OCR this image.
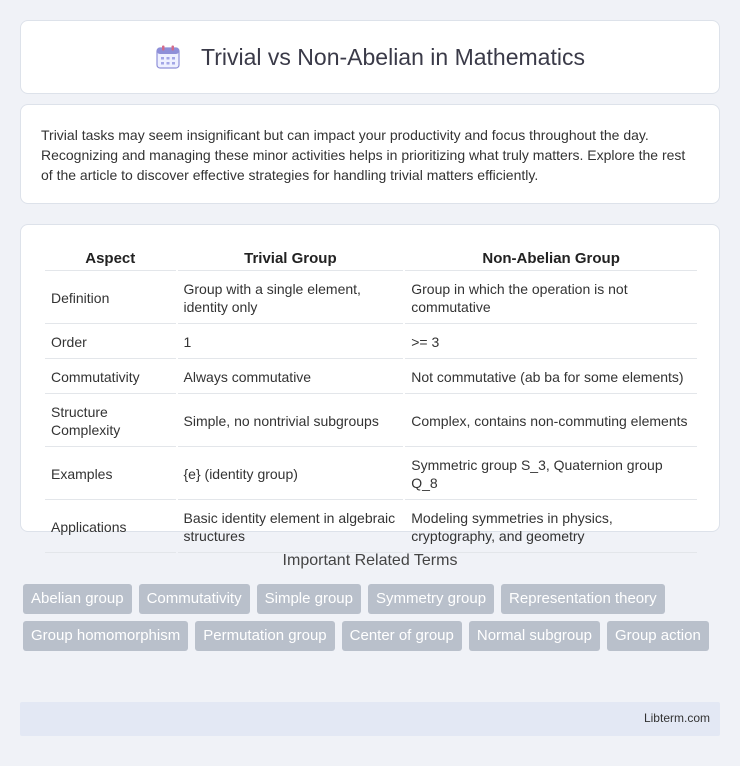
Trivial vs Non-Abelian in Mathematics

Trivial tasks may seem insignificant but can impact your productivity and focus throughout the day. Recognizing and managing these minor activities helps in prioritizing what truly matters. Explore the rest of the article to discover effective strategies for handling trivial matters efficiently.

Aspect	Trivial Group	Non-Abelian Group
Definition	Group with a single element, identity only	Group in which the operation is not commutative
Order	1	>= 3
Commutativity	Always commutative	Not commutative (ab ba for some elements)
Structure Complexity	Simple, no nontrivial subgroups	Complex, contains non-commuting elements
Examples	{e} (identity group)	Symmetric group S_3, Quaternion group Q_8
Applications	Basic identity element in algebraic structures	Modeling symmetries in physics, cryptography, and geometry
Important Related Terms
Abelian group	Commutativity	Simple group	Symmetry group	Representation theory
Group homomorphism	Permutation group	Center of group	Normal subgroup	Group action
Libterm.com
